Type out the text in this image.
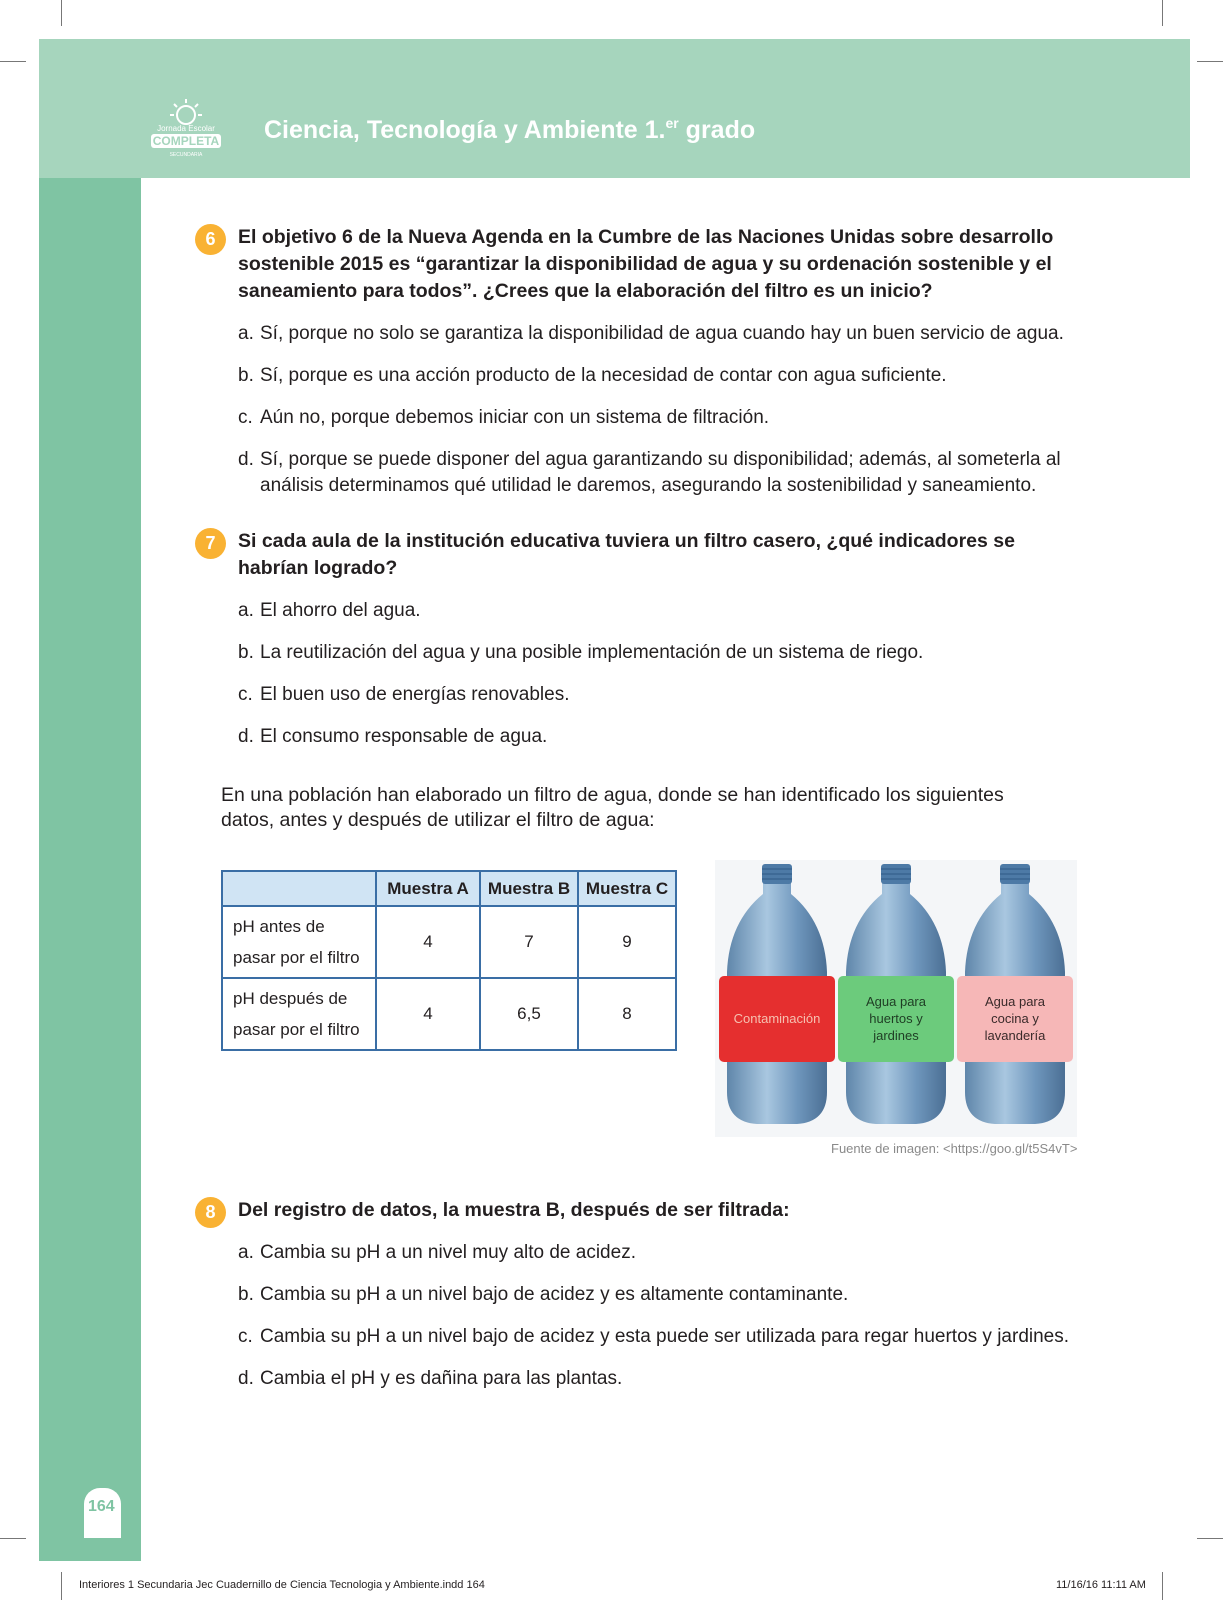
Jornada Escolar
COMPLETA
SECUNDARIA
Ciencia, Tecnología y Ambiente 1.$^{er}$ grado
164
6	El objetivo 6 de la Nueva Agenda en la Cumbre de las Naciones Unidas sobre desarrollo sostenible 2015 es “garantizar la disponibilidad de agua y su ordenación sostenible y el saneamiento para todos”. ¿Crees que la elaboración del filtro es un inicio?
a. Sí, porque no solo se garantiza la disponibilidad de agua cuando hay un buen servicio de agua.
b. Sí, porque es una acción producto de la necesidad de contar con agua suficiente.
c. Aún no, porque debemos iniciar con un sistema de filtración.
d. Sí, porque se puede disponer del agua garantizando su disponibilidad; además, al someterla al análisis determinamos qué utilidad le daremos, asegurando la sostenibilidad y saneamiento.
7	Si cada aula de la institución educativa tuviera un filtro casero, ¿qué indicadores se habrían logrado?
a. El ahorro del agua.
b. La reutilización del agua y una posible implementación de un sistema de riego.
c. El buen uso de energías renovables.
d. El consumo responsable de agua.
En una población han elaborado un filtro de agua, donde se han identificado los siguientes datos, antes y después de utilizar el filtro de agua:
	Muestra A	Muestra B	Muestra C
pH antes de pasar por el filtro	4	7	9
pH después de pasar por el filtro	4	6,5	8	Contaminación
Agua para
huertos y
jardines
Agua para
cocina y
lavandería
Fuente de imagen: <https://goo.gl/t5S4vT>
8	Del registro de datos, la muestra B, después de ser filtrada:
a. Cambia su pH a un nivel muy alto de acidez.
b. Cambia su pH a un nivel bajo de acidez y es altamente contaminante.
c. Cambia su pH a un nivel bajo de acidez y esta puede ser utilizada para regar huertos y jardines.
d. Cambia el pH y es dañina para las plantas.
Interiores 1 Secundaria Jec Cuadernillo de Ciencia Tecnologia y Ambiente.indd 164	11/16/16 11:11 AM
